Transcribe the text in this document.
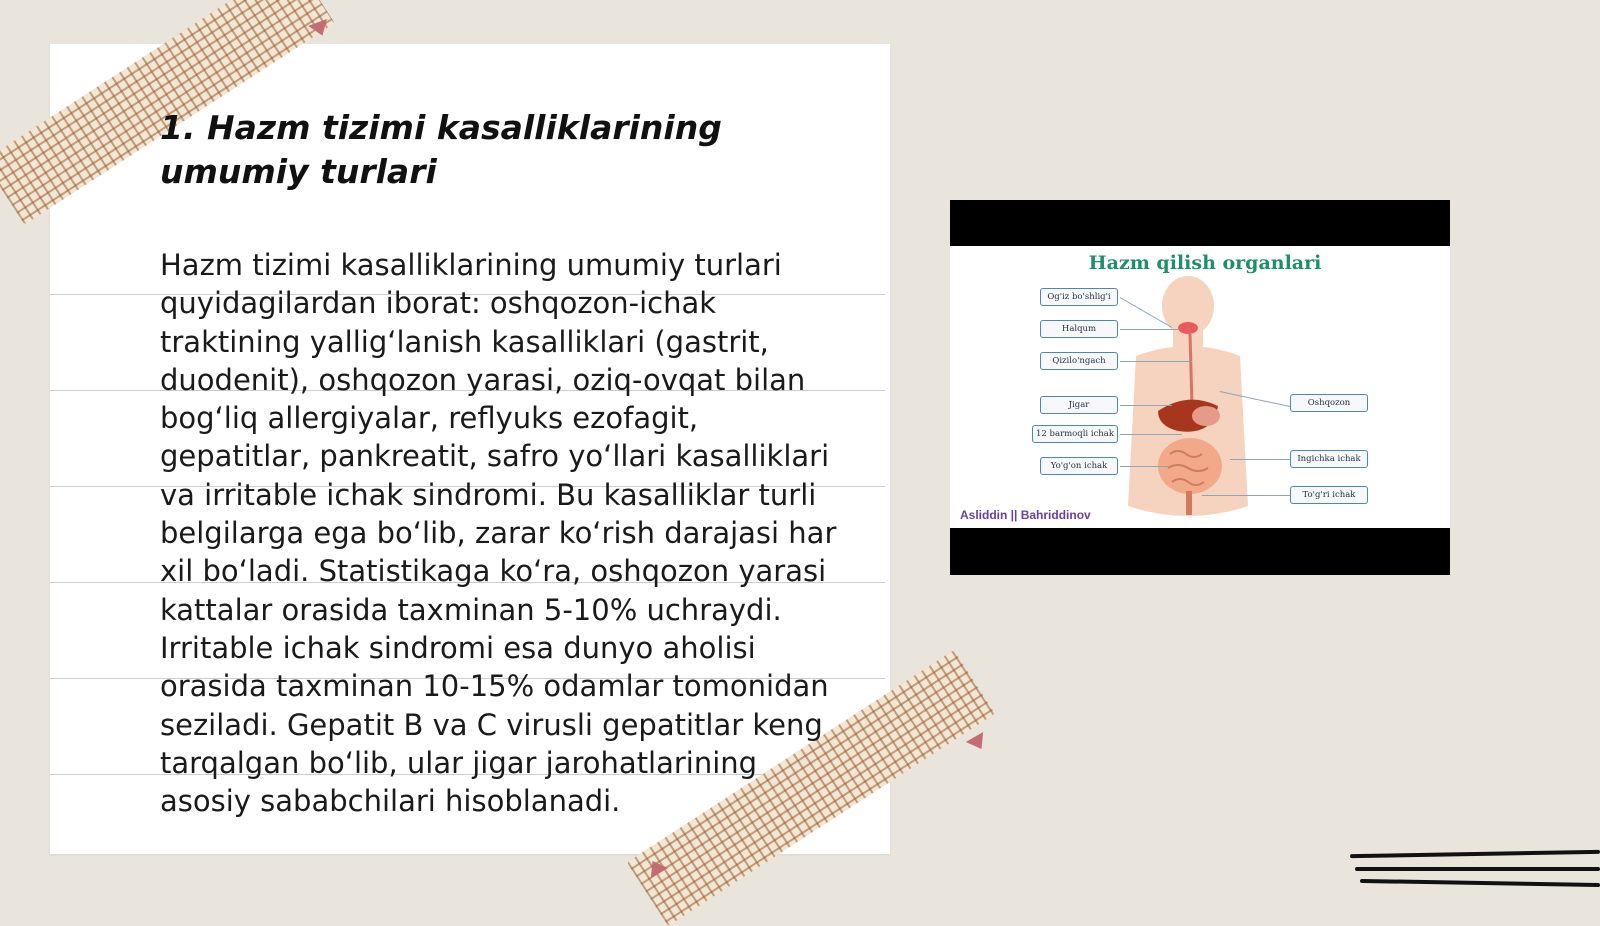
1. Hazm tizimi kasalliklarining umumiy turlari

Hazm tizimi kasalliklarining umumiy turlari quyidagilardan iborat: oshqozon-ichak traktining yallig‘lanish kasalliklari (gastrit, duodenit), oshqozon yarasi, oziq-ovqat bilan bog‘liq allergiyalar, reflyuks ezofagit, gepatitlar, pankreatit, safro yo‘llari kasalliklari va irritable ichak sindromi. Bu kasalliklar turli belgilarga ega bo‘lib, zarar ko‘rish darajasi har xil bo‘ladi. Statistikaga ko‘ra, oshqozon yarasi kattalar orasida taxminan 5-10% uchraydi. Irritable ichak sindromi esa dunyo aholisi orasida taxminan 10-15% odamlar tomonidan seziladi. Gepatit B va C virusli gepatitlar keng tarqalgan bo‘lib, ular jigar jarohatlarining asosiy sababchilari hisoblanadi.

Hazm qilish organlari
Og'iz bo'shlig'i
Halqum
Qizilo'ngach
Jigar
12 barmoqli ichak
Yo'g'on ichak
Oshqozon
Ingichka ichak
To'g'ri ichak
Asliddin || Bahriddinov
